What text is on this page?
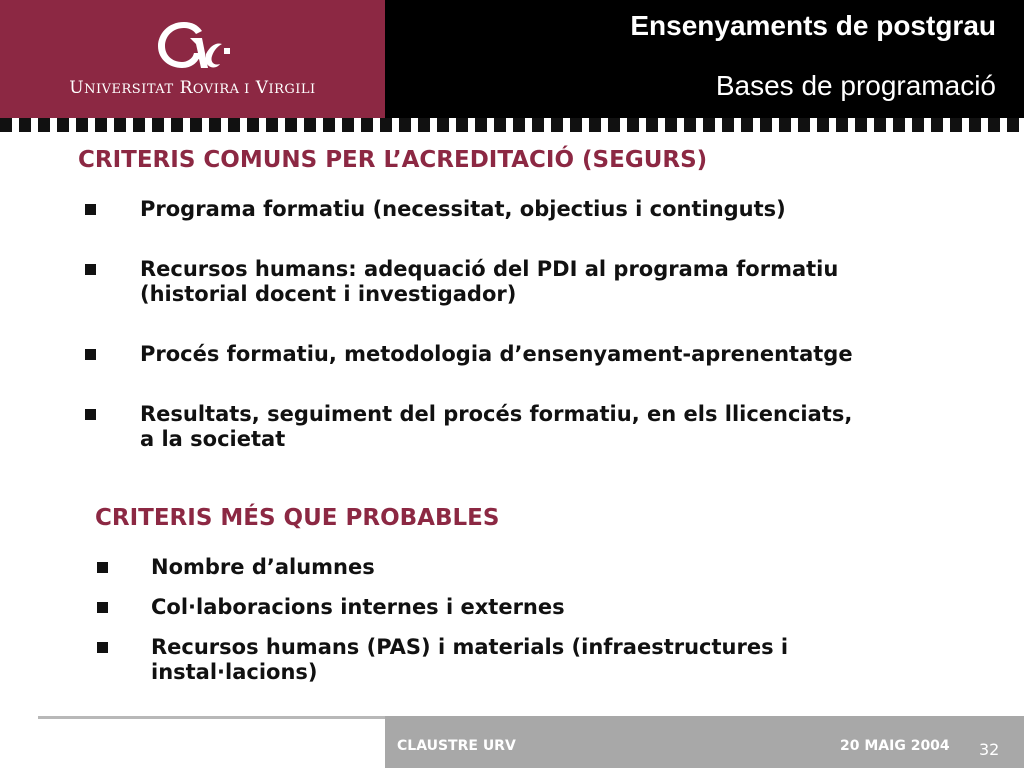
UNIVERSITAT ROVIRA I VIRGILI
Ensenyaments de postgrau
Bases de programació
CRITERIS COMUNS PER L’ACREDITACIÓ (SEGURS)
Programa formatiu (necessitat, objectius i continguts)
Recursos humans: adequació del PDI al programa formatiu
(historial docent i investigador)
Procés formatiu, metodologia d’ensenyament-aprenentatge
Resultats, seguiment del procés formatiu, en els llicenciats,
a la societat
CRITERIS MÉS QUE PROBABLES
Nombre d’alumnes
Col·laboracions internes i externes
Recursos humans (PAS) i materials (infraestructures i
instal·lacions)
CLAUSTRE URV	20 MAIG 2004 32
